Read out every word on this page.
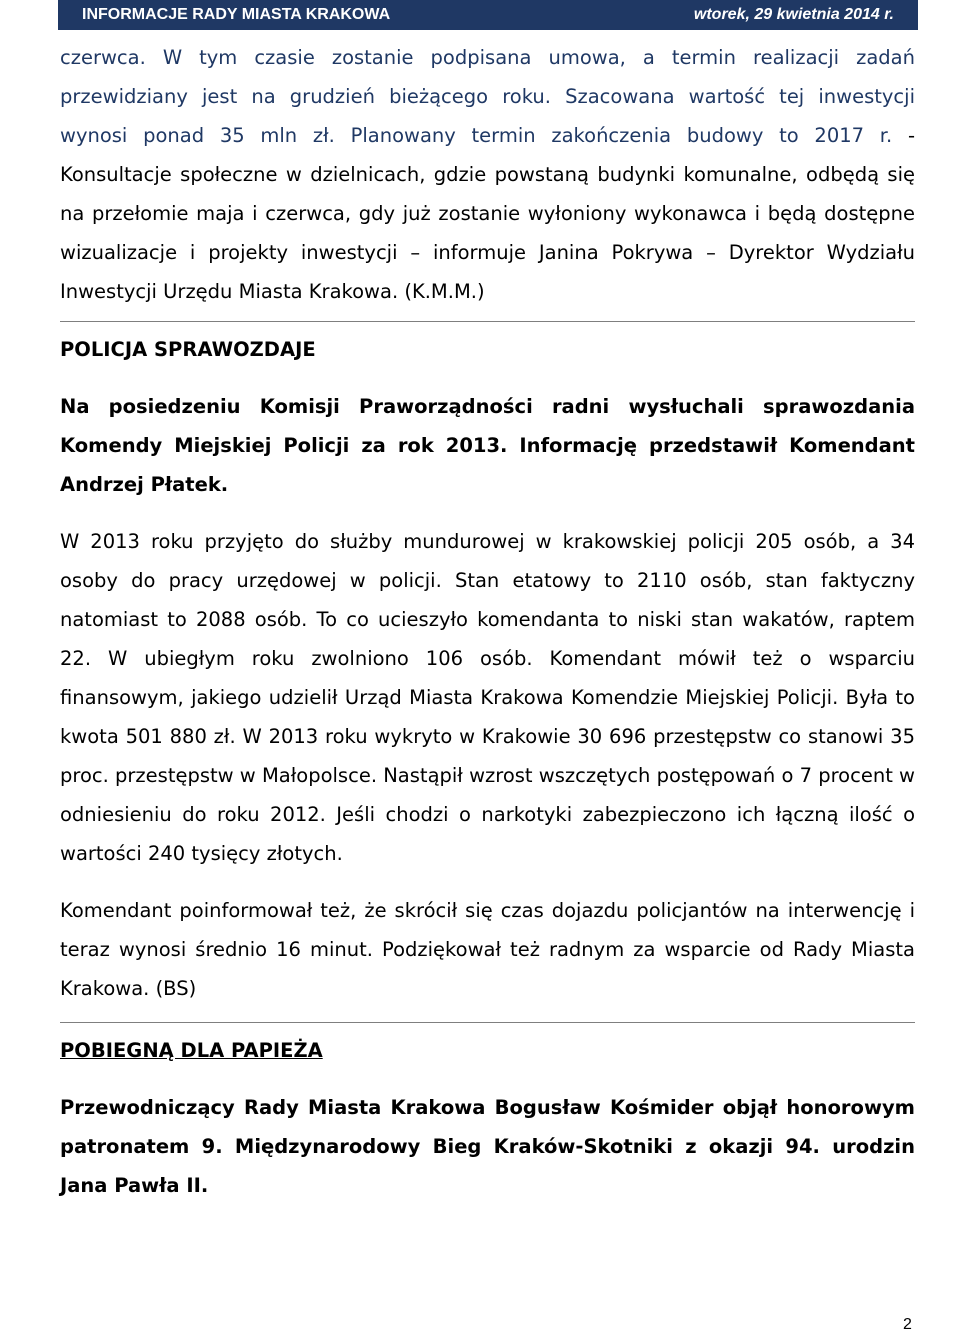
INFORMACJE RADY MIASTA KRAKOWA	wtorek, 29 kwietnia 2014 r.

czerwca. W tym czasie zostanie podpisana umowa, a termin realizacji zadań przewidziany jest na grudzień bieżącego roku. Szacowana wartość tej inwestycji wynosi ponad 35 mln zł. Planowany termin zakończenia budowy to 2017 r. - Konsultacje społeczne w dzielnicach, gdzie powstaną budynki komunalne, odbędą się na przełomie maja i czerwca, gdy już zostanie wyłoniony wykonawca i będą dostępne wizualizacje i projekty inwestycji – informuje Janina Pokrywa – Dyrektor Wydziału Inwestycji Urzędu Miasta Krakowa. (K.M.M.)

POLICJA SPRAWOZDAJE

Na posiedzeniu Komisji Praworządności radni wysłuchali sprawozdania Komendy Miejskiej Policji za rok 2013. Informację przedstawił Komendant Andrzej Płatek.

W 2013 roku przyjęto do służby mundurowej w krakowskiej policji 205 osób, a 34 osoby do pracy urzędowej w policji. Stan etatowy to 2110 osób, stan faktyczny natomiast to 2088 osób. To co ucieszyło komendanta to niski stan wakatów, raptem 22. W ubiegłym roku zwolniono 106 osób. Komendant mówił też o wsparciu finansowym, jakiego udzielił Urząd Miasta Krakowa Komendzie Miejskiej Policji. Była to kwota 501 880 zł. W 2013 roku wykryto w Krakowie 30 696 przestępstw co stanowi 35 proc. przestępstw w Małopolsce. Nastąpił wzrost wszczętych postępowań o 7 procent w odniesieniu do roku 2012. Jeśli chodzi o narkotyki zabezpieczono ich łączną ilość o wartości 240 tysięcy złotych.

Komendant poinformował też, że skrócił się czas dojazdu policjantów na interwencję i teraz wynosi średnio 16 minut. Podziękował też radnym za wsparcie od Rady Miasta Krakowa. (BS)

POBIEGNĄ DLA PAPIEŻA

Przewodniczący Rady Miasta Krakowa Bogusław Kośmider objął honorowym patronatem 9. Międzynarodowy Bieg Kraków-Skotniki z okazji 94. urodzin Jana Pawła II.

2
